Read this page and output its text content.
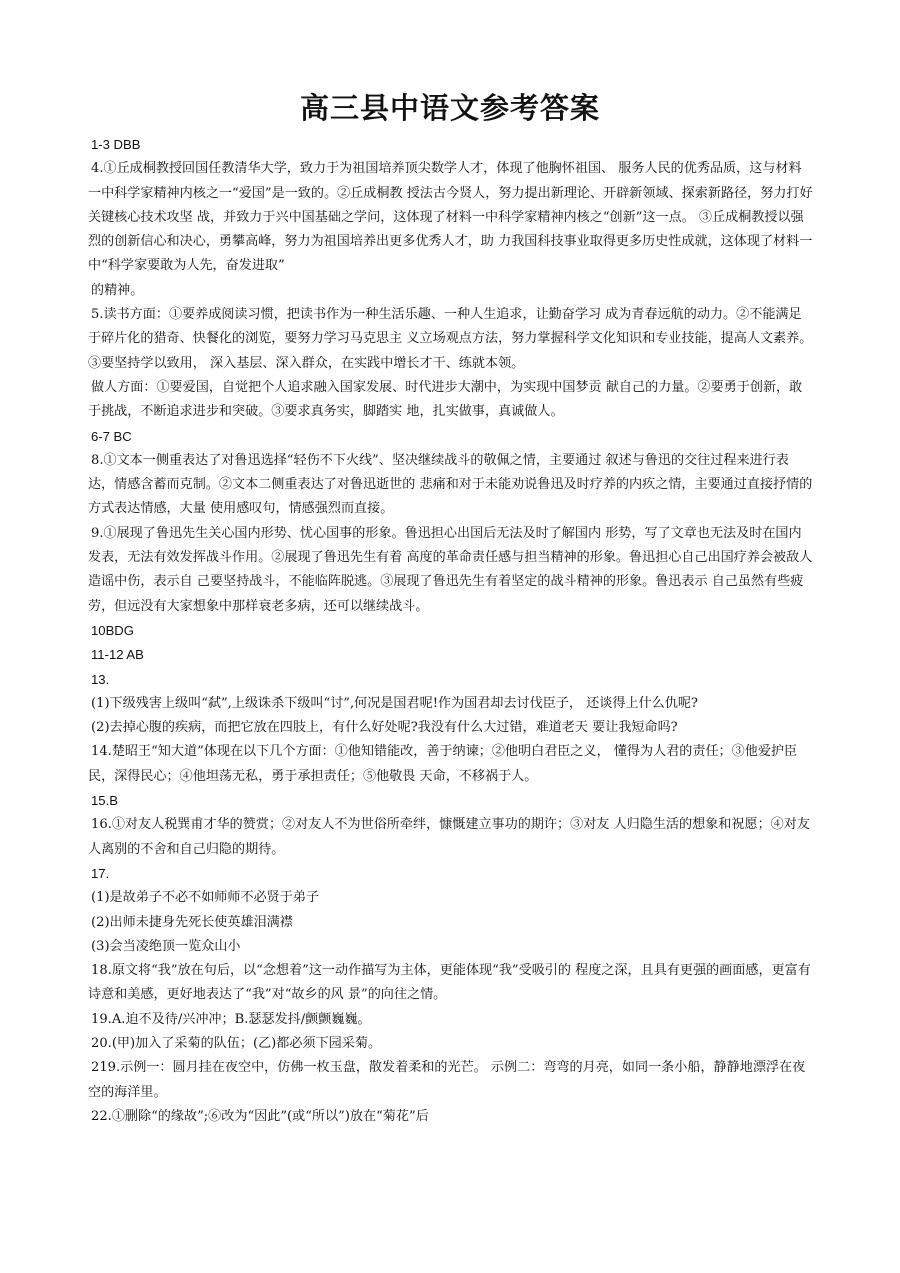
高三县中语文参考答案

1-3 DBB

4.①丘成桐教授回国任教清华大学，致力于为祖国培养顶尖数学人才，体现了他胸怀祖国、 服务人民的优秀品质，这与材料一中科学家精神内核之一“爱国”是一致的。②丘成桐教 授法古今贤人，努力提出新理论、开辟新领域、探索新路径，努力打好关键核心技术攻坚 战，并致力于兴中国基础之学问，这体现了材料一中科学家精神内核之“创新”这一点。 ③丘成桐教授以强烈的创新信心和决心，勇攀高峰，努力为祖国培养出更多优秀人才，助 力我国科技事业取得更多历史性成就，这体现了材料一中“科学家要敢为人先，奋发进取”

的精神。

5.读书方面：①要养成阅读习惯，把读书作为一种生活乐趣、一种人生追求，让勤奋学习 成为青春远航的动力。②不能满足于碎片化的猎奇、快餐化的浏览，要努力学习马克思主 义立场观点方法，努力掌握科学文化知识和专业技能，提高人文素养。③要坚持学以致用， 深入基层、深入群众，在实践中增长才干、练就本领。

做人方面：①要爱国，自觉把个人追求融入国家发展、时代进步大潮中，为实现中国梦贡 献自己的力量。②要勇于创新，敢于挑战，不断追求进步和突破。③要求真务实，脚踏实 地，扎实做事，真诚做人。

6-7 BC

8.①文本一侧重表达了对鲁迅选择“轻伤不下火线”、坚决继续战斗的敬佩之情，主要通过 叙述与鲁迅的交往过程来进行表达，情感含蓄而克制。②文本二侧重表达了对鲁迅逝世的 悲痛和对于未能劝说鲁迅及时疗养的内疚之情，主要通过直接抒情的方式表达情感，大量 使用感叹句，情感强烈而直接。

9.①展现了鲁迅先生关心国内形势、忧心国事的形象。鲁迅担心出国后无法及时了解国内 形势，写了文章也无法及时在国内发表，无法有效发挥战斗作用。②展现了鲁迅先生有着 高度的革命责任感与担当精神的形象。鲁迅担心自己出国疗养会被敌人造谣中伤，表示自 己要坚持战斗，不能临阵脱逃。③展现了鲁迅先生有着坚定的战斗精神的形象。鲁迅表示 自己虽然有些疲劳，但远没有大家想象中那样衰老多病，还可以继续战斗。

10BDG

11-12 AB

13.

(1)下级残害上级叫“弑”,上级诛杀下级叫“讨”,何况是国君呢!作为国君却去讨伐臣子， 还谈得上什么仇呢?

(2)去掉心腹的疾病，而把它放在四肢上，有什么好处呢?我没有什么大过错，难道老天 要让我短命吗?

14.楚昭王“知大道”体现在以下几个方面：①他知错能改，善于纳谏；②他明白君臣之义， 懂得为人君的责任；③他爱护臣民，深得民心；④他坦荡无私，勇于承担责任；⑤他敬畏 天命，不移祸于人。

15.B

16.①对友人税巽甫才华的赞赏；②对友人不为世俗所牵绊，慷慨建立事功的期许；③对友 人归隐生活的想象和祝愿；④对友人离别的不舍和自己归隐的期待。

17.

(1)是故弟子不必不如师师不必贤于弟子

(2)出师未捷身先死长使英雄泪满襟

(3)会当凌绝顶一览众山小

18.原文将“我”放在句后，以“念想着”这一动作描写为主体，更能体现“我”受吸引的 程度之深，且具有更强的画面感，更富有诗意和美感，更好地表达了“我”对“故乡的风 景”的向往之情。

19.A.迫不及待/兴冲冲；B.瑟瑟发抖/颤颤巍巍。

20.(甲)加入了采菊的队伍；(乙)都必须下园采菊。

219.示例一：圆月挂在夜空中，仿佛一枚玉盘，散发着柔和的光芒。 示例二：弯弯的月亮，如同一条小船，静静地漂浮在夜空的海洋里。

22.①删除“的缘故”;⑥改为“因此”(或“所以”)放在“菊花”后
